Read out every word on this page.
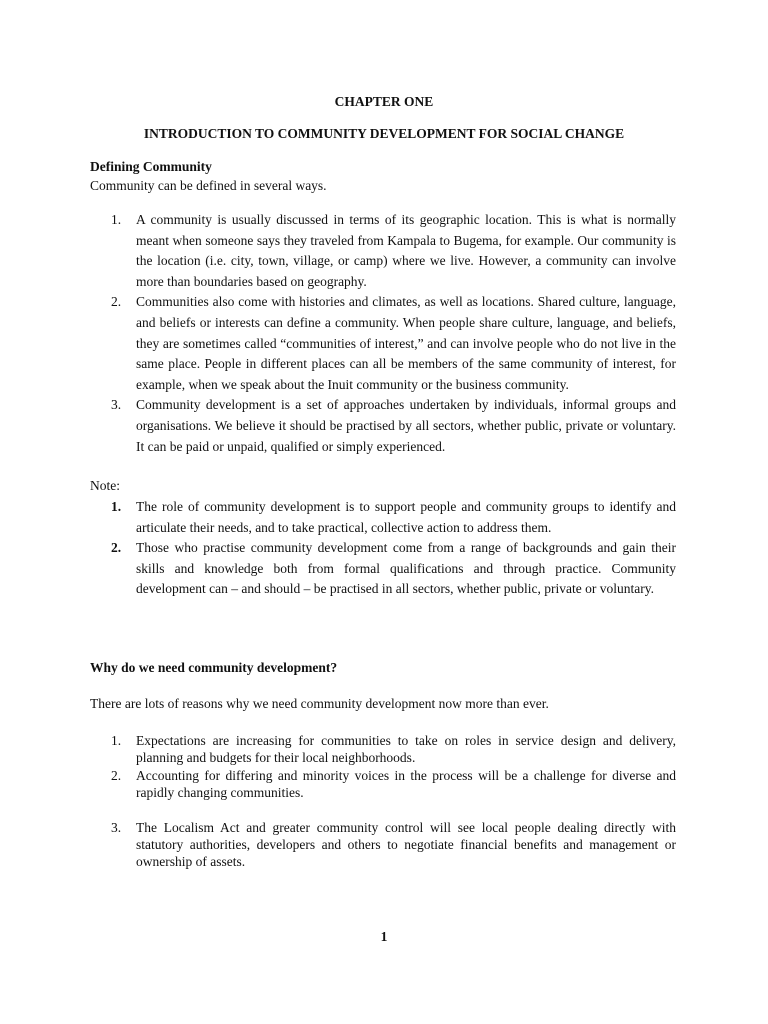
CHAPTER ONE
INTRODUCTION TO COMMUNITY DEVELOPMENT FOR SOCIAL CHANGE
Defining Community
Community can be defined in several ways.
1. A community is usually discussed in terms of its geographic location. This is what is normally meant when someone says they traveled from Kampala to Bugema, for example. Our community is the location (i.e. city, town, village, or camp) where we live. However, a community can involve more than boundaries based on geography.
2. Communities also come with histories and climates, as well as locations. Shared culture, language, and beliefs or interests can define a community. When people share culture, language, and beliefs, they are sometimes called “communities of interest,” and can involve people who do not live in the same place. People in different places can all be members of the same community of interest, for example, when we speak about the Inuit community or the business community.
3. Community development is a set of approaches undertaken by individuals, informal groups and organisations. We believe it should be practised by all sectors, whether public, private or voluntary. It can be paid or unpaid, qualified or simply experienced.
Note:
1. The role of community development is to support people and community groups to identify and articulate their needs, and to take practical, collective action to address them.
2. Those who practise community development come from a range of backgrounds and gain their skills and knowledge both from formal qualifications and through practice. Community development can – and should – be practised in all sectors, whether public, private or voluntary.
Why do we need community development?
There are lots of reasons why we need community development now more than ever.
1. Expectations are increasing for communities to take on roles in service design and delivery, planning and budgets for their local neighborhoods.
2. Accounting for differing and minority voices in the process will be a challenge for diverse and rapidly changing communities.
3. The Localism Act and greater community control will see local people dealing directly with statutory authorities, developers and others to negotiate financial benefits and management or ownership of assets.
1
